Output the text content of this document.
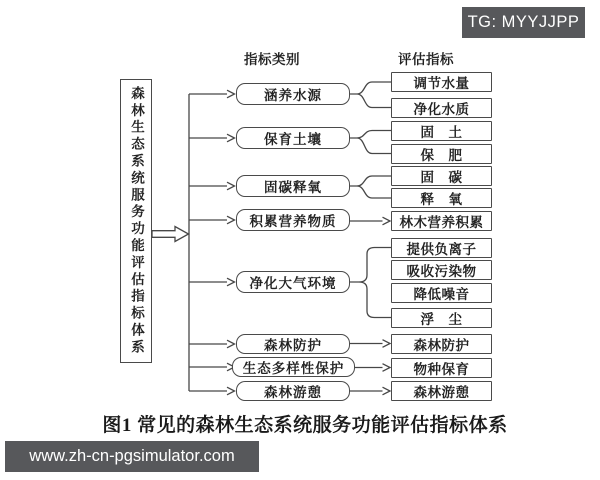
TG: MYYJJPP
指标类别	评估指标
森林生态系统服务功能评估指标体系	涵养水源
调节水量
净化水质
保育土壤	固　土
保　肥
固碳释氧
固　碳
释　氧
积累营养物质	林木营养积累
净化大气环境
提供负离子
吸收污染物
降低噪音
浮　尘
森林防护	森林防护
生态多样性保护	物种保育
森林游憩	森林游憩
图1 常见的森林生态系统服务功能评估指标体系
www.zh-cn-pgsimulator.com
